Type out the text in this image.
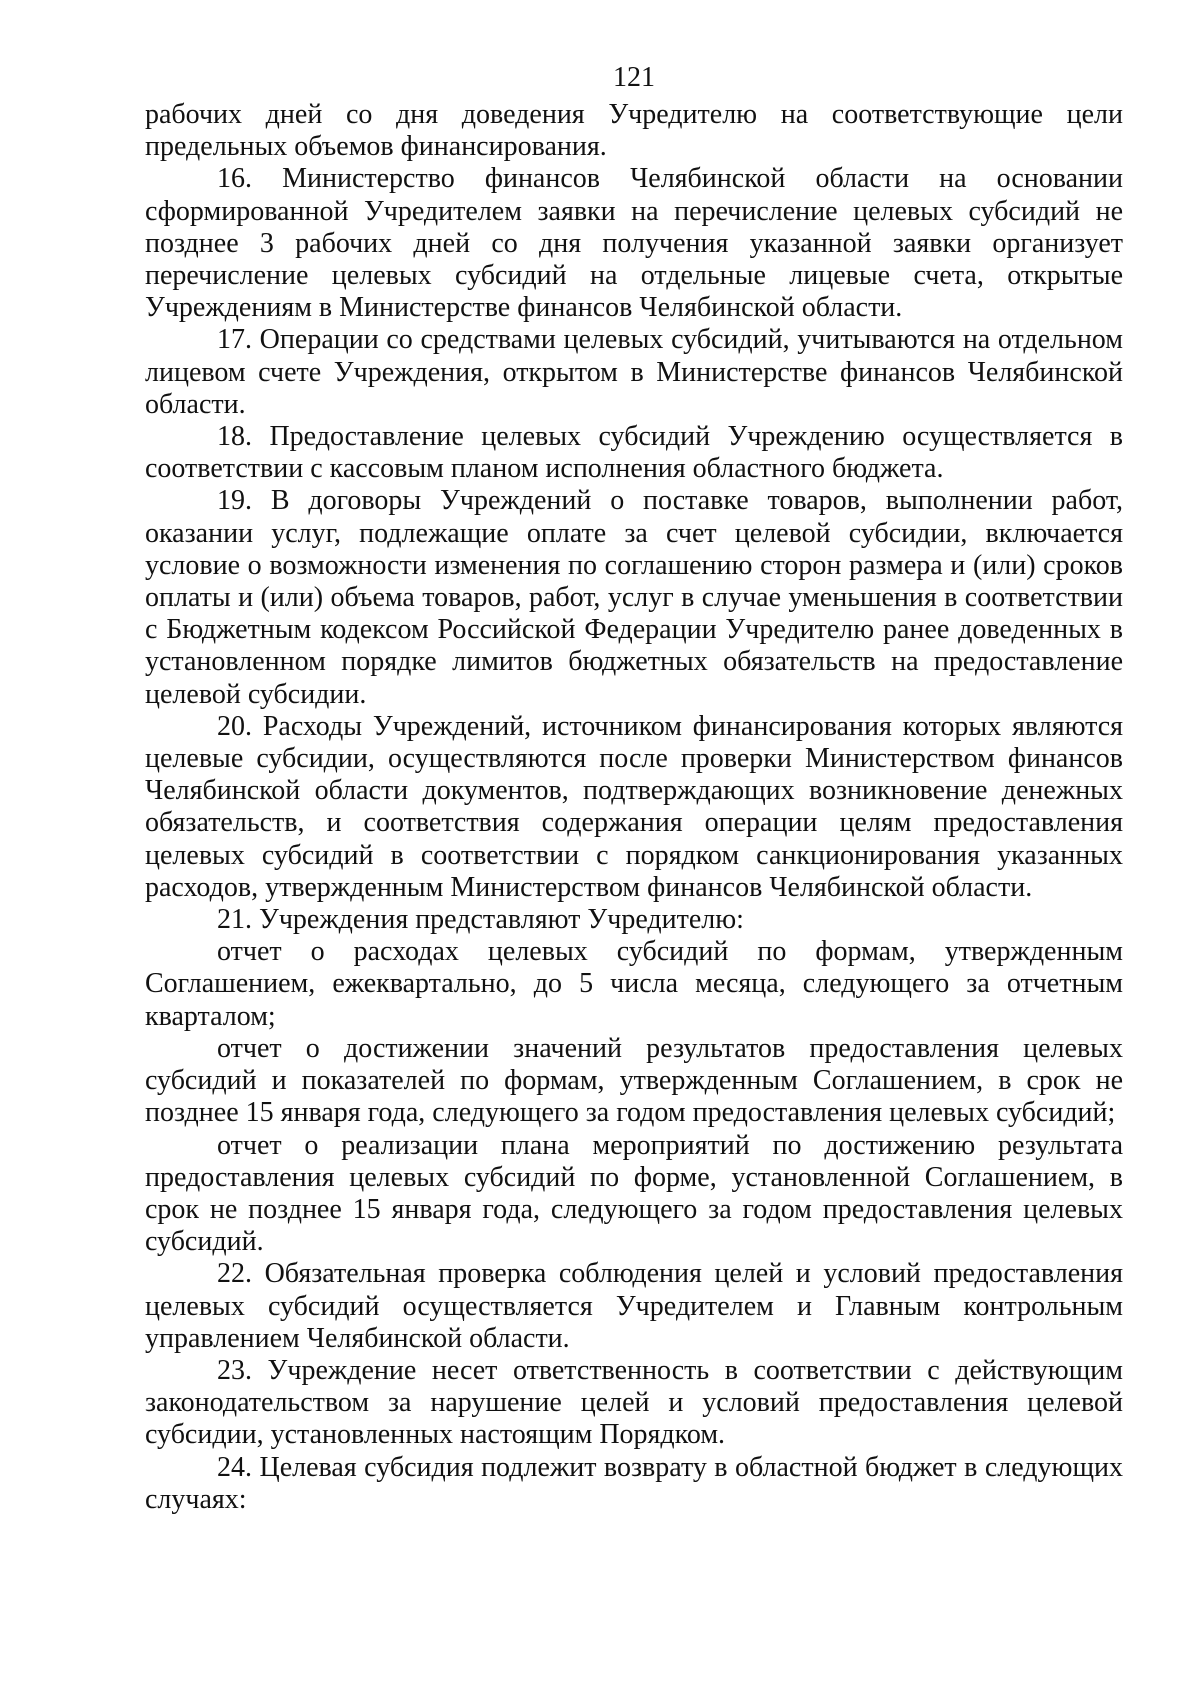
121

рабочих дней со дня доведения Учредителю на соответствующие цели предельных объемов финансирования.

16. Министерство финансов Челябинской области на основании сформированной Учредителем заявки на перечисление целевых субсидий не позднее 3 рабочих дней со дня получения указанной заявки организует перечисление целевых субсидий на отдельные лицевые счета, открытые Учреждениям в Министерстве финансов Челябинской области.

17. Операции со средствами целевых субсидий, учитываются на отдельном лицевом счете Учреждения, открытом в Министерстве финансов Челябинской области.

18. Предоставление целевых субсидий Учреждению осуществляется в соответствии с кассовым планом исполнения областного бюджета.

19. В договоры Учреждений о поставке товаров, выполнении работ, оказании услуг, подлежащие оплате за счет целевой субсидии, включается условие о возможности изменения по соглашению сторон размера и (или) сроков оплаты и (или) объема товаров, работ, услуг в случае уменьшения в соответствии с Бюджетным кодексом Российской Федерации Учредителю ранее доведенных в установленном порядке лимитов бюджетных обязательств на предоставление целевой субсидии.

20. Расходы Учреждений, источником финансирования которых являются целевые субсидии, осуществляются после проверки Министерством финансов Челябинской области документов, подтверждающих возникновение денежных обязательств, и соответствия содержания операции целям предоставления целевых субсидий в соответствии с порядком санкционирования указанных расходов, утвержденным Министерством финансов Челябинской области.

21. Учреждения представляют Учредителю:

отчет о расходах целевых субсидий по формам, утвержденным Соглашением, ежеквартально, до 5 числа месяца, следующего за отчетным кварталом;

отчет о достижении значений результатов предоставления целевых субсидий и показателей по формам, утвержденным Соглашением, в срок не позднее 15 января года, следующего за годом предоставления целевых субсидий;

отчет о реализации плана мероприятий по достижению результата предоставления целевых субсидий по форме, установленной Соглашением, в срок не позднее 15 января года, следующего за годом предоставления целевых субсидий.

22. Обязательная проверка соблюдения целей и условий предоставления целевых субсидий осуществляется Учредителем и Главным контрольным управлением Челябинской области.

23. Учреждение несет ответственность в соответствии с действующим законодательством за нарушение целей и условий предоставления целевой субсидии, установленных настоящим Порядком.

24. Целевая субсидия подлежит возврату в областной бюджет в следующих случаях:
